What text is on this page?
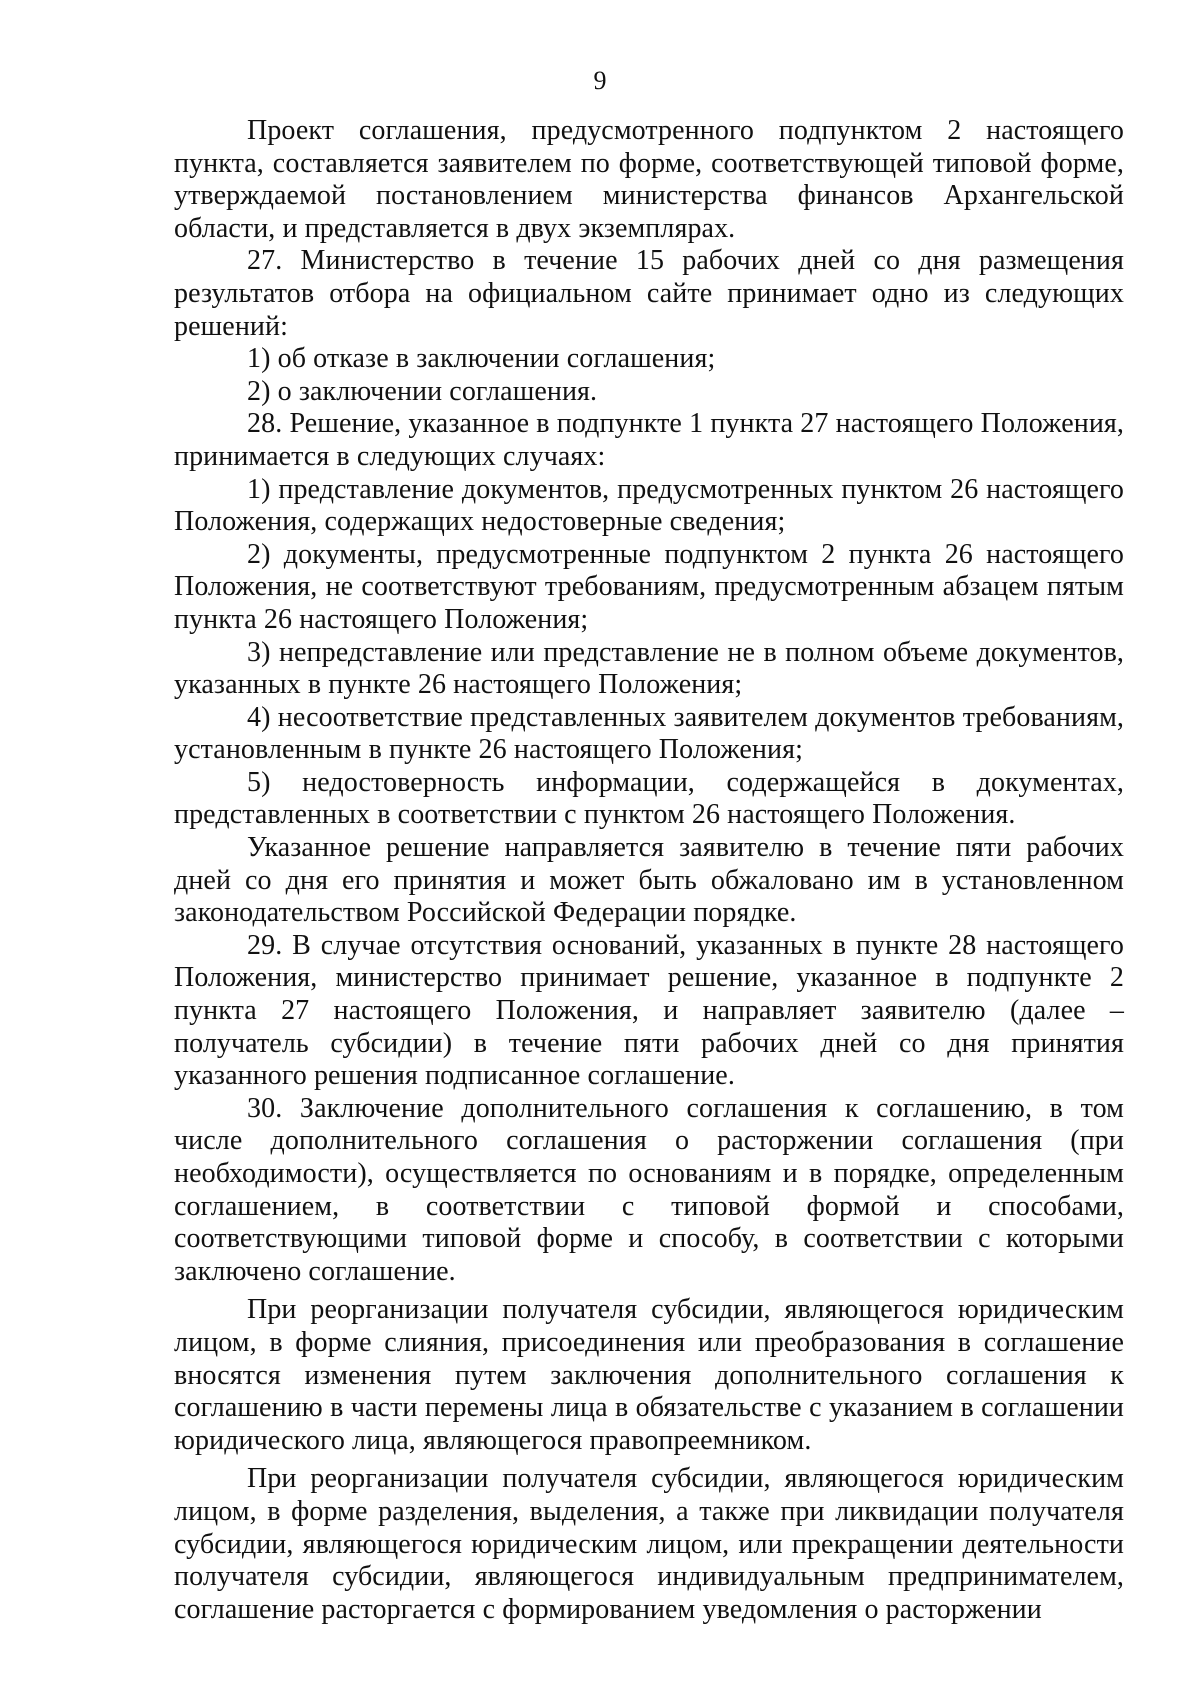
9

Проект соглашения, предусмотренного подпунктом 2 настоящего пункта, составляется заявителем по форме, соответствующей типовой форме, утверждаемой постановлением министерства финансов Архангельской области, и представляется в двух экземплярах.

27. Министерство в течение 15 рабочих дней со дня размещения результатов отбора на официальном сайте принимает одно из следующих решений:

1) об отказе в заключении соглашения;

2) о заключении соглашения.

28. Решение, указанное в подпункте 1 пункта 27 настоящего Положения, принимается в следующих случаях:

1) представление документов, предусмотренных пунктом 26 настоящего Положения, содержащих недостоверные сведения;

2) документы, предусмотренные подпунктом 2 пункта 26 настоящего Положения, не соответствуют требованиям, предусмотренным абзацем пятым пункта 26 настоящего Положения;

3) непредставление или представление не в полном объеме документов, указанных в пункте 26 настоящего Положения;

4) несоответствие представленных заявителем документов требованиям, установленным в пункте 26 настоящего Положения;

5) недостоверность информации, содержащейся в документах, представленных в соответствии с пунктом 26 настоящего Положения.

Указанное решение направляется заявителю в течение пяти рабочих дней со дня его принятия и может быть обжаловано им в установленном законодательством Российской Федерации порядке.

29. В случае отсутствия оснований, указанных в пункте 28 настоящего Положения, министерство принимает решение, указанное в подпункте 2 пункта 27 настоящего Положения, и направляет заявителю (далее – получатель субсидии) в течение пяти рабочих дней со дня принятия указанного решения подписанное соглашение.

30. Заключение дополнительного соглашения к соглашению, в том числе дополнительного соглашения о расторжении соглашения (при необходимости), осуществляется по основаниям и в порядке, определенным соглашением, в соответствии с типовой формой и способами, соответствующими типовой форме и способу, в соответствии с которыми заключено соглашение.

При реорганизации получателя субсидии, являющегося юридическим лицом, в форме слияния, присоединения или преобразования в соглашение вносятся изменения путем заключения дополнительного соглашения к соглашению в части перемены лица в обязательстве с указанием в соглашении юридического лица, являющегося правопреемником.

При реорганизации получателя субсидии, являющегося юридическим лицом, в форме разделения, выделения, а также при ликвидации получателя субсидии, являющегося юридическим лицом, или прекращении деятельности получателя субсидии, являющегося индивидуальным предпринимателем, соглашение расторгается с формированием уведомления о расторжении
